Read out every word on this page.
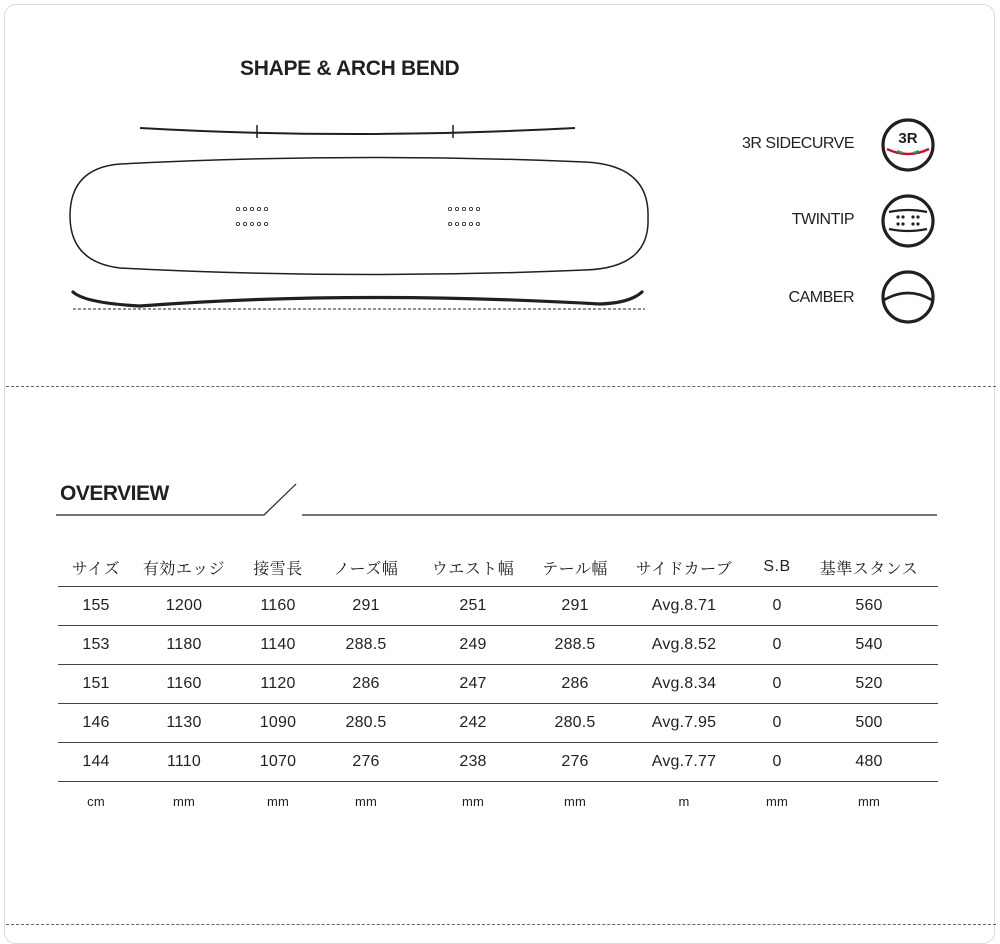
SHAPE & ARCH BEND
3R SIDECURVE	3R
TWINTIP
CAMBER
OVERVIEW
サイズ	有効エッジ	接雪長	ノーズ幅	ウエスト幅	テール幅	サイドカーブ	S.B	基準スタンス
155	1200	1160	291	251	291	Avg.8.71	0	560
153	1180	1140	288.5	249	288.5	Avg.8.52	0	540
151	1160	1120	286	247	286	Avg.8.34	0	520
146	1130	1090	280.5	242	280.5	Avg.7.95	0	500
144	1110	1070	276	238	276	Avg.7.77	0	480
cm	mm	mm	mm	mm	mm	m	mm	mm
